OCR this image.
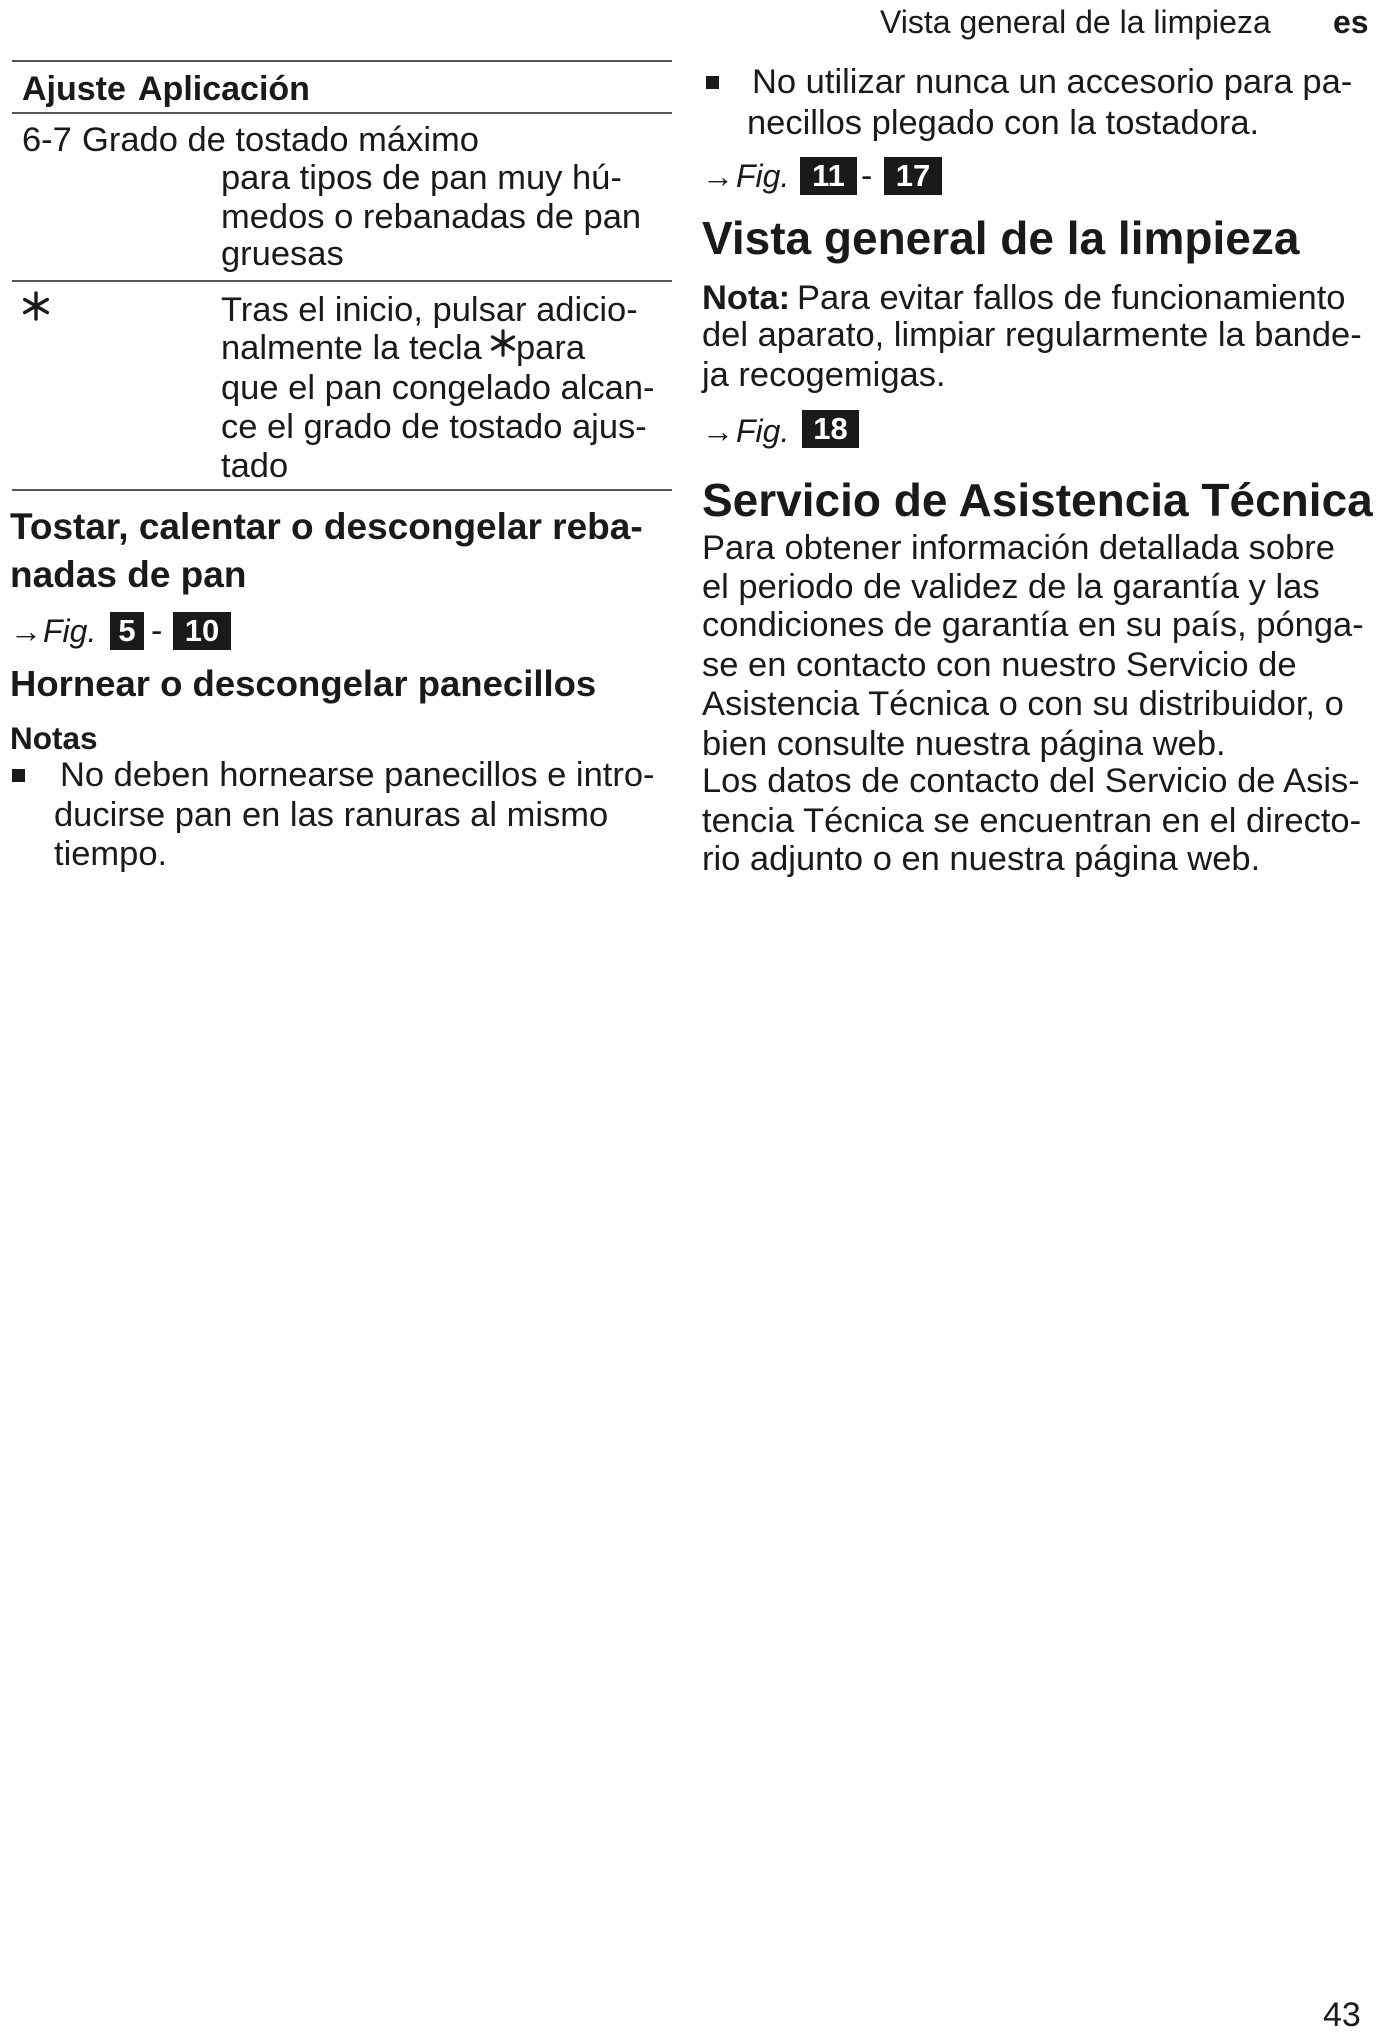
Vista general de la limpieza es
Ajuste Aplicación
6-7 Grado de tostado máximo
para tipos de pan muy hú-
medos o rebanadas de pan
gruesas
Tras el inicio, pulsar adicio-
nalmente la tecla para
que el pan congelado alcan-
ce el grado de tostado ajus-
tado
Tostar, calentar o descongelar reba-
nadas de pan
→ Fig. 5 - 10
Hornear o descongelar panecillos
Notas
No deben hornearse panecillos e intro-
ducirse pan en las ranuras al mismo
tiempo.
No utilizar nunca un accesorio para pa-
necillos plegado con la tostadora.
→ Fig. 11 - 17
Vista general de la limpieza
Nota: Para evitar fallos de funcionamiento
del aparato, limpiar regularmente la bande-
ja recogemigas.
→ Fig. 18
Servicio de Asistencia Técnica
Para obtener información detallada sobre
el periodo de validez de la garantía y las
condiciones de garantía en su país, pónga-
se en contacto con nuestro Servicio de
Asistencia Técnica o con su distribuidor, o
bien consulte nuestra página web.
Los datos de contacto del Servicio de Asis-
tencia Técnica se encuentran en el directo-
rio adjunto o en nuestra página web.
43
